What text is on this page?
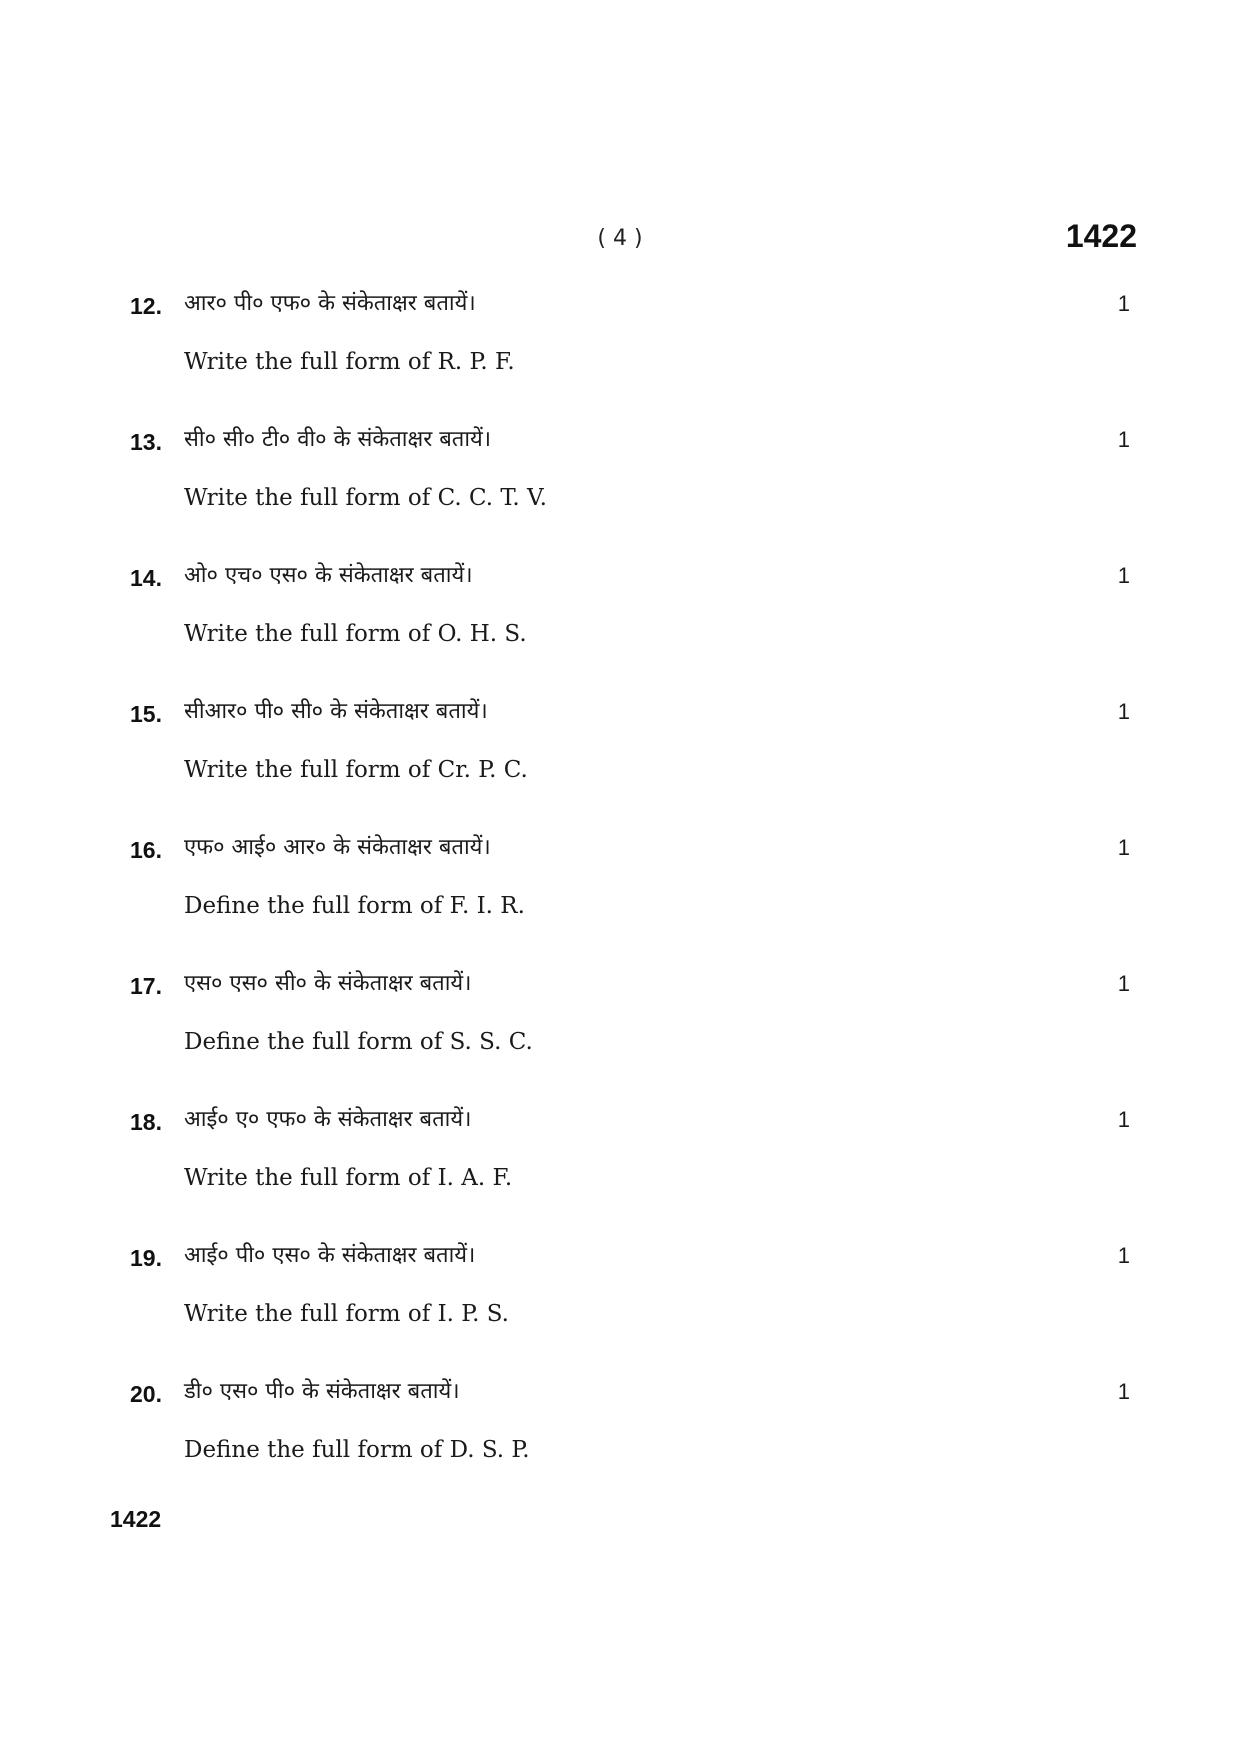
( 4 )	1422
12. आर० पी० एफ० के संकेताक्षर बतायें।
Write the full form of R. P. F.
1
13. सी० सी० टी० वी० के संकेताक्षर बतायें।
Write the full form of C. C. T. V.
1
14. ओ० एच० एस० के संकेताक्षर बतायें।
Write the full form of O. H. S.
1
15. सीआर० पी० सी० के संकेताक्षर बतायें।
Write the full form of Cr. P. C.
1
16. एफ० आई० आर० के संकेताक्षर बतायें।
Define the full form of F. I. R.
1
17. एस० एस० सी० के संकेताक्षर बतायें।
Define the full form of S. S. C.
1
18. आई० ए० एफ० के संकेताक्षर बतायें।
Write the full form of I. A. F.
1
19. आई० पी० एस० के संकेताक्षर बतायें।
Write the full form of I. P. S.
1
20. डी० एस० पी० के संकेताक्षर बतायें।
Define the full form of D. S. P.
1
1422
